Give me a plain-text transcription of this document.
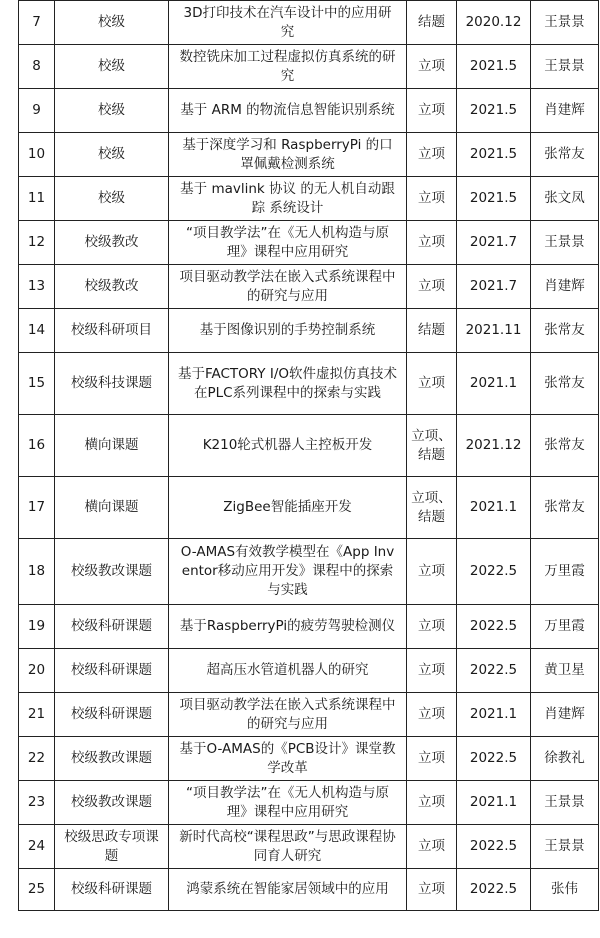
7	校级	3D打印技术在汽车设计中的应用研究	结题	2020.12	王景景
8	校级	数控铣床加工过程虚拟仿真系统的研究	立项	2021.5	王景景
9	校级	基于 ARM 的物流信息智能识别系统	立项	2021.5	肖建辉
10	校级	基于深度学习和 RaspberryPi 的口 罩佩戴检测系统	立项	2021.5	张常友
11	校级	基于 mavlink 协议 的无人机自动跟踪 系统设计	立项	2021.5	张文凤
12	校级教改	“项目教学法”在《无人机构造与原理》课程中应用研究	立项	2021.7	王景景
13	校级教改	项目驱动教学法在嵌入式系统课程中的研究与应用	立项	2021.7	肖建辉
14	校级科研项目	基于图像识别的手势控制系统	结题	2021.11	张常友
15	校级科技课题	基于FACTORY I/O软件虚拟仿真技术在PLC系列课程中的探索与实践	立项	2021.1	张常友
16	横向课题	K210轮式机器人主控板开发	立项、结题	2021.12	张常友
17	横向课题	ZigBee智能插座开发	立项、结题	2021.1	张常友
18	校级教改课题	O-AMAS有效教学模型在《App Inventor移动应用开发》课程中的探索与实践	立项	2022.5	万里霞
19	校级科研课题	基于RaspberryPi的疲劳驾驶检测仪	立项	2022.5	万里霞
20	校级科研课题	超高压水管道机器人的研究	立项	2022.5	黄卫星
21	校级科研课题	项目驱动教学法在嵌入式系统课程中的研究与应用	立项	2021.1	肖建辉
22	校级教改课题	基于O-AMAS的《PCB设计》课堂教学改革	立项	2022.5	徐教礼
23	校级教改课题	“项目教学法”在《无人机构造与原理》课程中应用研究	立项	2021.1	王景景
24	校级思政专项课题	新时代高校“课程思政”与思政课程协同育人研究	立项	2022.5	王景景
25	校级科研课题	鸿蒙系统在智能家居领域中的应用	立项	2022.5	张伟
